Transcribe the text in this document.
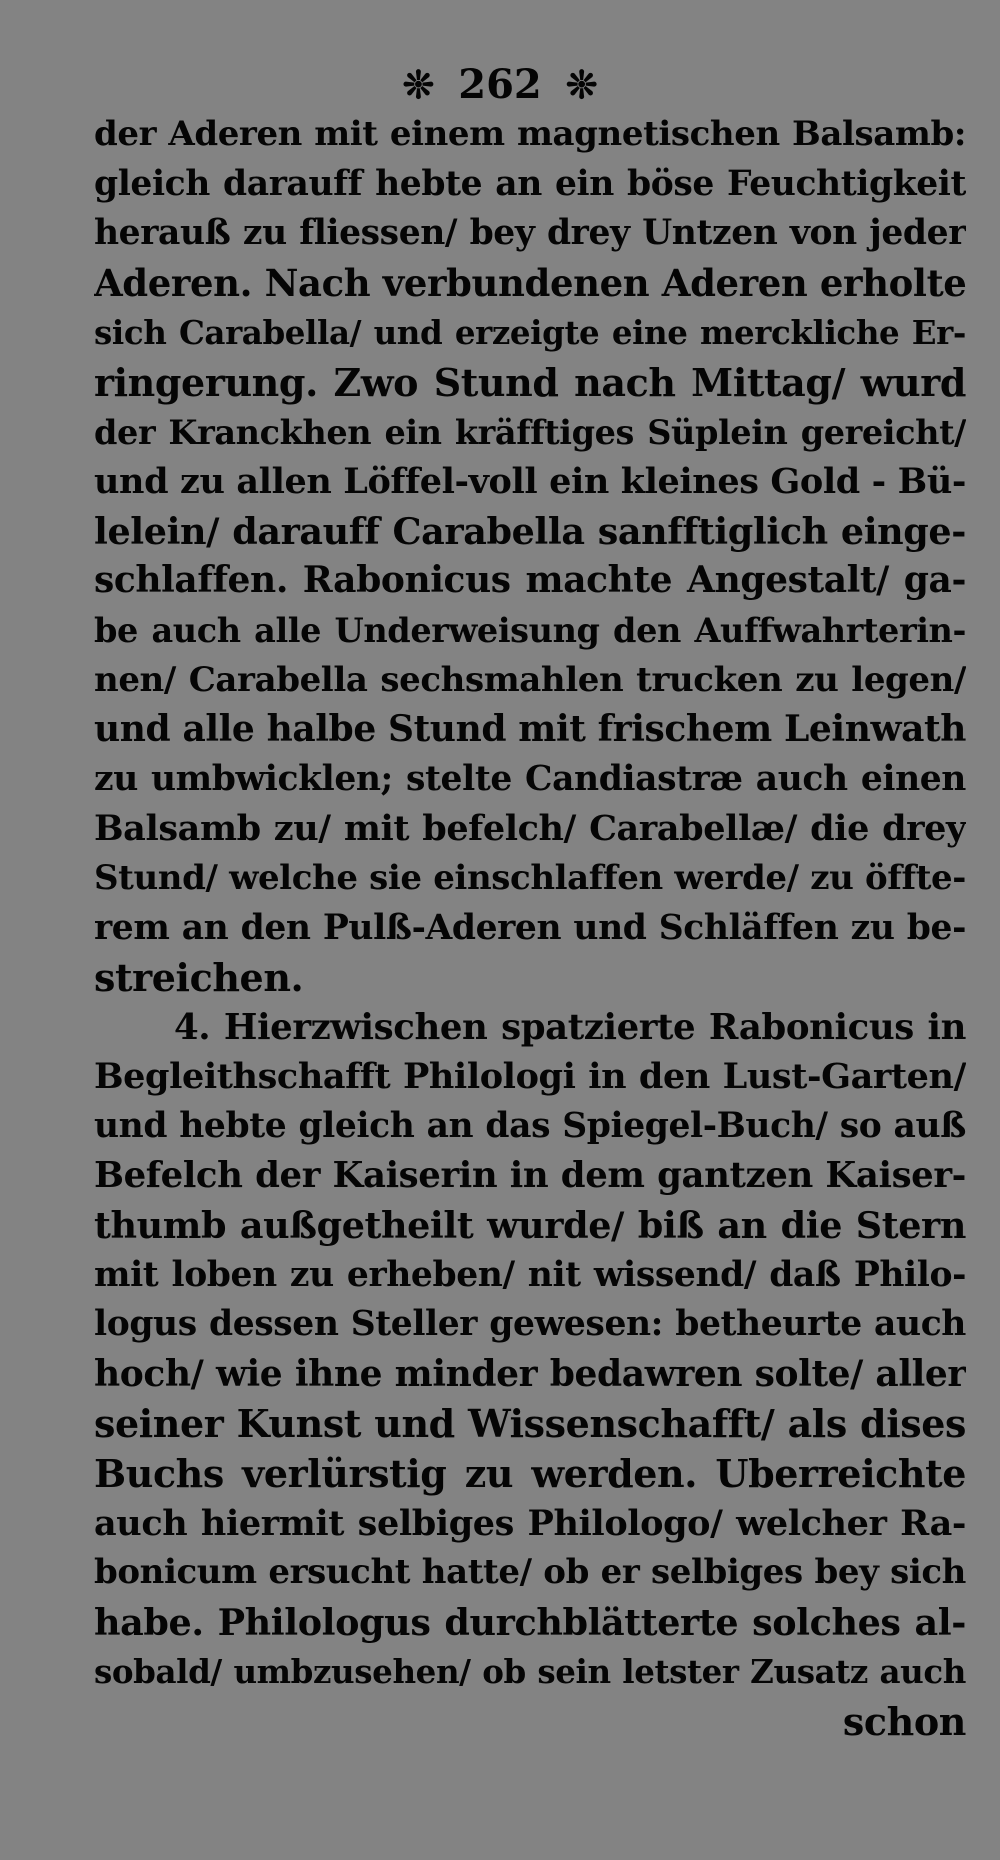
❊ 262 ❊
der Aderen mit einem magnetischen Balsamb:
gleich darauff hebte an ein böse Feuchtigkeit
herauß zu fliessen/ bey drey Untzen von jeder
Aderen. Nach verbundenen Aderen erholte
sich Carabella/ und erzeigte eine merckliche Er-
ringerung. Zwo Stund nach Mittag/ wurd
der Kranckhen ein kräfftiges Süplein gereicht/
und zu allen Löffel-voll ein kleines Gold - Bü-
lelein/ darauff Carabella sanfftiglich einge-
schlaffen. Rabonicus machte Angestalt/ ga-
be auch alle Underweisung den Auffwahrterin-
nen/ Carabella sechsmahlen trucken zu legen/
und alle halbe Stund mit frischem Leinwath
zu umbwicklen; stelte Candiastræ auch einen
Balsamb zu/ mit befelch/ Carabellæ/ die drey
Stund/ welche sie einschlaffen werde/ zu öffte-
rem an den Pulß-Aderen und Schläffen zu be-
streichen.
4. Hierzwischen spatzierte Rabonicus in
Begleithschafft Philologi in den Lust-Garten/
und hebte gleich an das Spiegel-Buch/ so auß
Befelch der Kaiserin in dem gantzen Kaiser-
thumb außgetheilt wurde/ biß an die Stern
mit loben zu erheben/ nit wissend/ daß Philo-
logus dessen Steller gewesen: betheurte auch
hoch/ wie ihne minder bedawren solte/ aller
seiner Kunst und Wissenschafft/ als dises
Buchs verlürstig zu werden. Uberreichte
auch hiermit selbiges Philologo/ welcher Ra-
bonicum ersucht hatte/ ob er selbiges bey sich
habe. Philologus durchblätterte solches al-
sobald/ umbzusehen/ ob sein letster Zusatz auch
schon
